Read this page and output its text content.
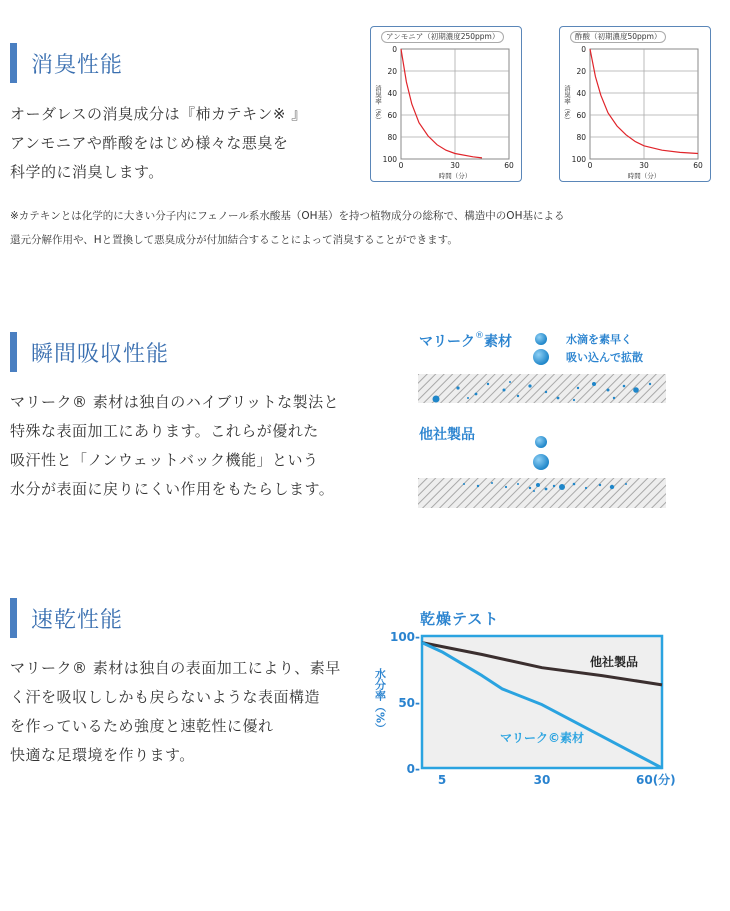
消臭性能
オーダレスの消臭成分は『柿カテキン※ 』
アンモニアや酢酸をはじめ様々な悪臭を
科学的に消臭します。
アンモニア（初期濃度250ppm）
0
20
40
60
80
100
0	30	60
時間（分）
消臭率（%）
酢酸（初期濃度50ppm）
0
20
40
60
80
100
0	30	60
時間（分）
消臭率（%）
※カテキンとは化学的に大きい分子内にフェノール系水酸基（OH基）を持つ植物成分の総称で、構造中のOH基による
還元分解作用や、Hと置換して悪臭成分が付加結合することによって消臭することができます。
瞬間吸収性能
マリーク® 素材は独自のハイブリットな製法と
特殊な表面加工にあります。これらが優れた
吸汗性と「ノンウェットバック機能」という
水分が表面に戻りにくい作用をもたらします。
マリーク®素材	水滴を素早く
吸い込んで拡散
他社製品
速乾性能
マリーク® 素材は独自の表面加工により、素早
く汗を吸収ししかも戻らないような表面構造
を作っているため強度と速乾性に優れ
快適な足環境を作ります。
乾燥テスト
100-
50-
0-
5	30	60(分)
水分率（%）
他社製品
マリーク©素材
